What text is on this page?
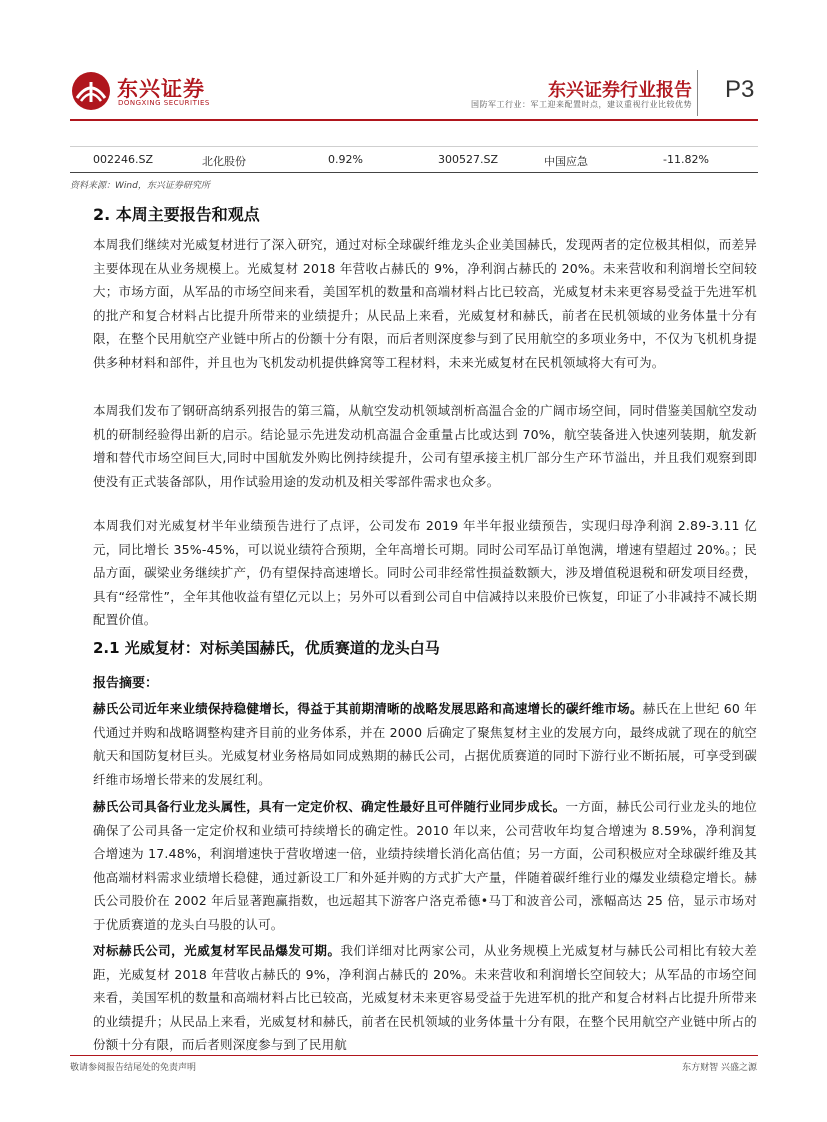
东兴证券
DONGXING SECURITIES
东兴证券行业报告
国防军工行业：军工迎来配置时点，建议重视行业比较优势
P3
002246.SZ	北化股份	0.92%	300527.SZ	中国应急	-11.82%
资料来源：Wind，东兴证券研究所
2. 本周主要报告和观点
本周我们继续对光威复材进行了深入研究，通过对标全球碳纤维龙头企业美国赫氏，发现两者的定位极其相似，而差异主要体现在从业务规模上。光威复材 2018 年营收占赫氏的 9%，净利润占赫氏的 20%。未来营收和利润增长空间较大；市场方面，从军品的市场空间来看，美国军机的数量和高端材料占比已较高，光威复材未来更容易受益于先进军机的批产和复合材料占比提升所带来的业绩提升；从民品上来看，光威复材和赫氏，前者在民机领域的业务体量十分有限，在整个民用航空产业链中所占的份额十分有限，而后者则深度参与到了民用航空的多项业务中，不仅为飞机机身提供多种材料和部件，并且也为飞机发动机提供蜂窝等工程材料，未来光威复材在民机领域将大有可为。
本周我们发布了钢研高纳系列报告的第三篇，从航空发动机领域剖析高温合金的广阔市场空间，同时借鉴美国航空发动机的研制经验得出新的启示。结论显示先进发动机高温合金重量占比或达到 70%，航空装备进入快速列装期，航发新增和替代市场空间巨大,同时中国航发外购比例持续提升，公司有望承接主机厂部分生产环节溢出，并且我们观察到即使没有正式装备部队，用作试验用途的发动机及相关零部件需求也众多。
本周我们对光威复材半年业绩预告进行了点评，公司发布 2019 年半年报业绩预告，实现归母净利润 2.89-3.11 亿元，同比增长 35%-45%，可以说业绩符合预期，全年高增长可期。同时公司军品订单饱满，增速有望超过 20%。；民品方面，碳梁业务继续扩产，仍有望保持高速增长。同时公司非经常性损益数额大，涉及增值税退税和研发项目经费，具有“经常性”，全年其他收益有望亿元以上；另外可以看到公司自中信减持以来股价已恢复，印证了小非减持不减长期配置价值。
2.1 光威复材：对标美国赫氏，优质赛道的龙头白马
报告摘要：
赫氏公司近年来业绩保持稳健增长，得益于其前期清晰的战略发展思路和高速增长的碳纤维市场。赫氏在上世纪 60 年代通过并购和战略调整构建齐目前的业务体系，并在 2000 后确定了聚焦复材主业的发展方向，最终成就了现在的航空航天和国防复材巨头。光威复材业务格局如同成熟期的赫氏公司，占据优质赛道的同时下游行业不断拓展，可享受到碳纤维市场增长带来的发展红利。
赫氏公司具备行业龙头属性，具有一定定价权、确定性最好且可伴随行业同步成长。一方面，赫氏公司行业龙头的地位确保了公司具备一定定价权和业绩可持续增长的确定性。2010 年以来，公司营收年均复合增速为 8.59%，净利润复合增速为 17.48%，利润增速快于营收增速一倍，业绩持续增长消化高估值；另一方面，公司积极应对全球碳纤维及其他高端材料需求业绩增长稳健，通过新设工厂和外延并购的方式扩大产量，伴随着碳纤维行业的爆发业绩稳定增长。赫氏公司股价在 2002 年后显著跑赢指数，也远超其下游客户洛克希德•马丁和波音公司，涨幅高达 25 倍，显示市场对于优质赛道的龙头白马股的认可。
对标赫氏公司，光威复材军民品爆发可期。我们详细对比两家公司，从业务规模上光威复材与赫氏公司相比有较大差距，光威复材 2018 年营收占赫氏的 9%，净利润占赫氏的 20%。未来营收和利润增长空间较大；从军品的市场空间来看，美国军机的数量和高端材料占比已较高，光威复材未来更容易受益于先进军机的批产和复合材料占比提升所带来的业绩提升；从民品上来看，光威复材和赫氏，前者在民机领域的业务体量十分有限，在整个民用航空产业链中所占的份额十分有限，而后者则深度参与到了民用航
敬请参阅报告结尾处的免责声明	东方财智 兴盛之源
